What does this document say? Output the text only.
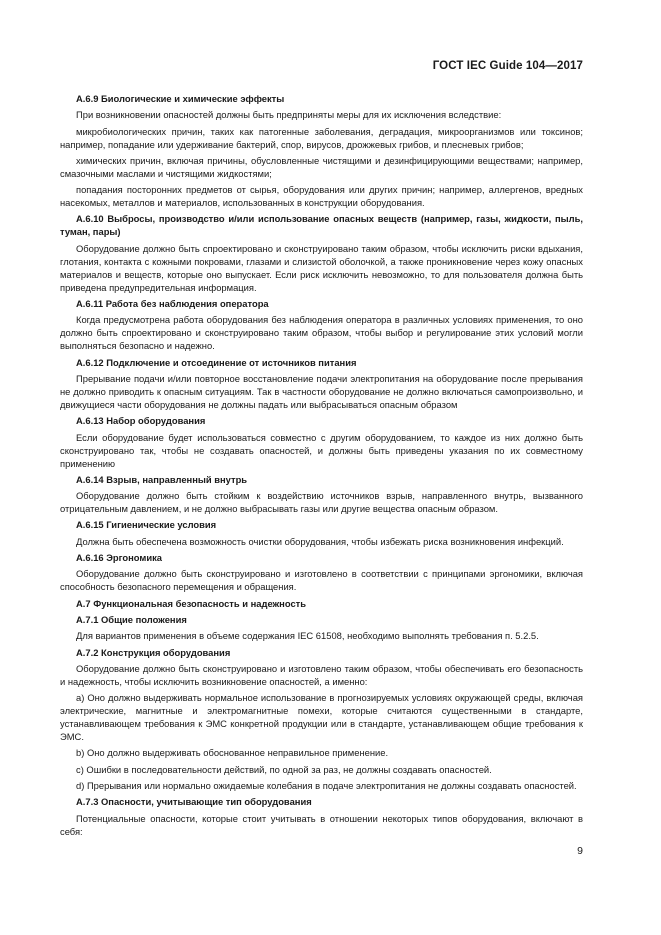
ГОСТ IEC Guide 104—2017
А.6.9 Биологические и химические эффекты
При возникновении опасностей должны быть предприняты меры для их исключения вследствие:
микробиологических причин, таких как патогенные заболевания, деградация, микроорганизмов или токсинов; например, попадание или удерживание бактерий, спор, вирусов, дрожжевых грибов, и плесневых грибов;
химических причин, включая причины, обусловленные чистящими и дезинфицирующими веществами; например, смазочными маслами и чистящими жидкостями;
попадания посторонних предметов от сырья, оборудования или других причин; например, аллергенов, вредных насекомых, металлов и материалов, использованных в конструкции оборудования.
А.6.10 Выбросы, производство и/или использование опасных веществ (например, газы, жидкости, пыль, туман, пары)
Оборудование должно быть спроектировано и сконструировано таким образом, чтобы исключить риски вдыхания, глотания, контакта с кожными покровами, глазами и слизистой оболочкой, а также проникновение через кожу опасных материалов и веществ, которые оно выпускает. Если риск исключить невозможно, то для пользователя должна быть приведена предупредительная информация.
А.6.11 Работа без наблюдения оператора
Когда предусмотрена работа оборудования без наблюдения оператора в различных условиях применения, то оно должно быть спроектировано и сконструировано таким образом, чтобы выбор и регулирование этих условий могли выполняться безопасно и надежно.
А.6.12 Подключение и отсоединение от источников питания
Прерывание подачи и/или повторное восстановление подачи электропитания на оборудование после прерывания не должно приводить к опасным ситуациям. Так в частности оборудование не должно включаться самопроизвольно, и движущиеся части оборудования не должны падать или выбрасываться опасным образом
А.6.13 Набор оборудования
Если оборудование будет использоваться совместно с другим оборудованием, то каждое из них должно быть сконструировано так, чтобы не создавать опасностей, и должны быть приведены указания по их совместному применению
А.6.14 Взрыв, направленный внутрь
Оборудование должно быть стойким к воздействию источников взрыв, направленного внутрь, вызванного отрицательным давлением, и не должно выбрасывать газы или другие вещества опасным образом.
А.6.15 Гигиенические условия
Должна быть обеспечена возможность очистки оборудования, чтобы избежать риска возникновения инфекций.
А.6.16 Эргономика
Оборудование должно быть сконструировано и изготовлено в соответствии с принципами эргономики, включая способность безопасного перемещения и обращения.
А.7 Функциональная безопасность и надежность
А.7.1 Общие положения
Для вариантов применения в объеме содержания IEC 61508, необходимо выполнять требования п. 5.2.5.
А.7.2 Конструкция оборудования
Оборудование должно быть сконструировано и изготовлено таким образом, чтобы обеспечивать его безопасность и надежность, чтобы исключить возникновение опасностей, а именно:
а) Оно должно выдерживать нормальное использование в прогнозируемых условиях окружающей среды, включая электрические, магнитные и электромагнитные помехи, которые считаются существенными в стандарте, устанавливающем требования к ЭМС конкретной продукции или в стандарте, устанавливающем общие требования к ЭМС.
b) Оно должно выдерживать обоснованное неправильное применение.
c) Ошибки в последовательности действий, по одной за раз, не должны создавать опасностей.
d) Прерывания или нормально ожидаемые колебания в подаче электропитания не должны создавать опасностей.
А.7.3 Опасности, учитывающие тип оборудования
Потенциальные опасности, которые стоит учитывать в отношении некоторых типов оборудования, включают в себя:
9
